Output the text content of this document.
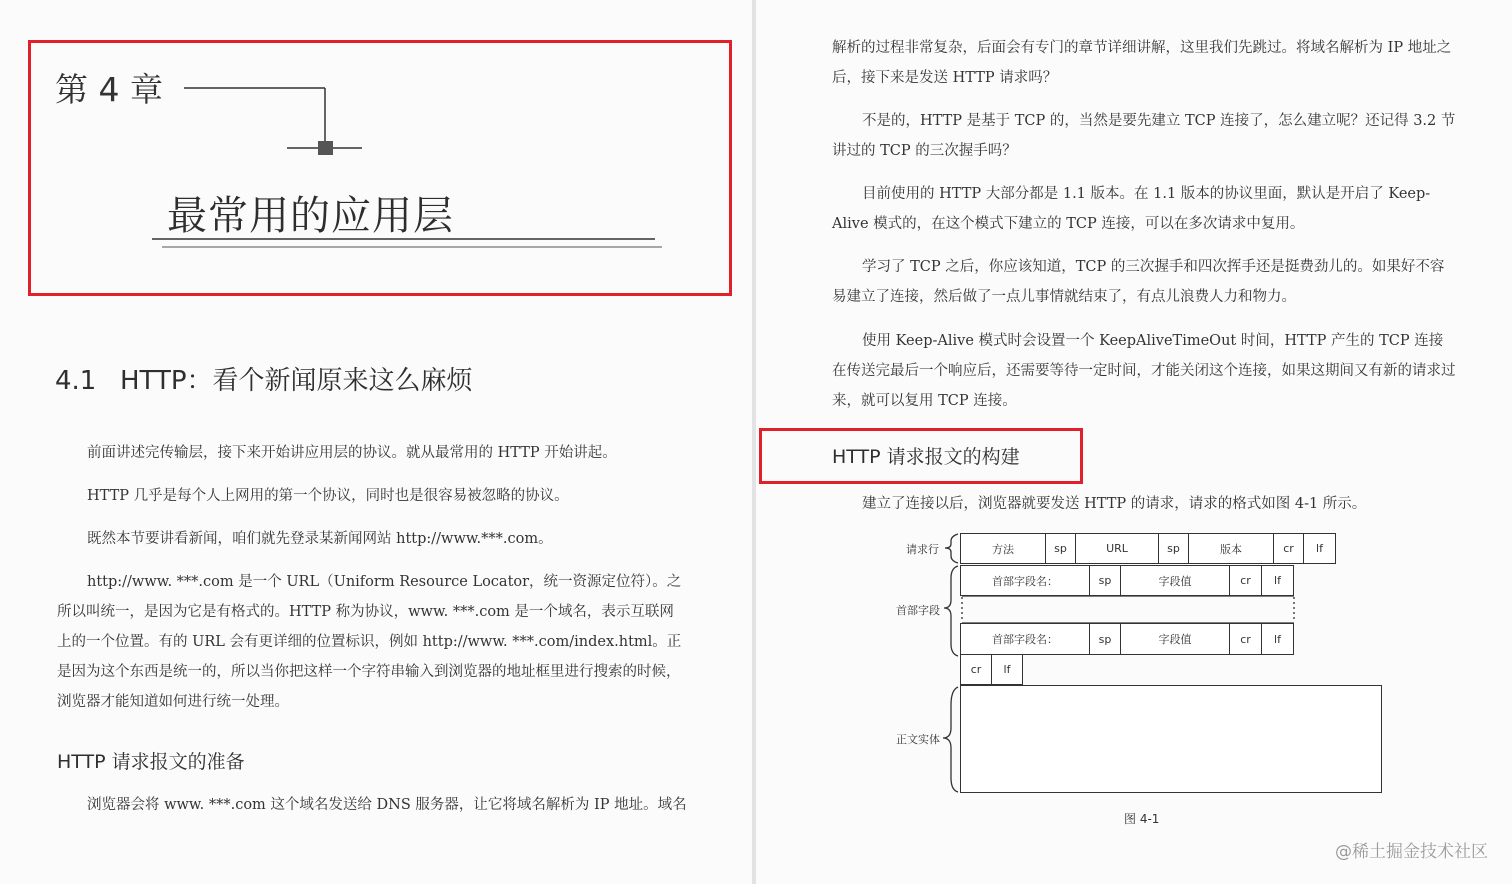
第 4 章
最常用的应用层
4.1 HTTP：看个新闻原来这么麻烦
前面讲述完传输层，接下来开始讲应用层的协议。就从最常用的 HTTP 开始讲起。
HTTP 几乎是每个人上网用的第一个协议，同时也是很容易被忽略的协议。
既然本节要讲看新闻，咱们就先登录某新闻网站 http://www.***.com。
http://www. ***.com 是一个 URL（Uniform Resource Locator，统一资源定位符）。之所以叫统一，是因为它是有格式的。HTTP 称为协议，www. ***.com 是一个域名，表示互联网上的一个位置。有的 URL 会有更详细的位置标识，例如 http://www. ***.com/index.html。正是因为这个东西是统一的，所以当你把这样一个字符串输入到浏览器的地址框里进行搜索的时候，浏览器才能知道如何进行统一处理。
HTTP 请求报文的准备
浏览器会将 www. ***.com 这个域名发送给 DNS 服务器，让它将域名解析为 IP 地址。域名
解析的过程非常复杂，后面会有专门的章节详细讲解，这里我们先跳过。将域名解析为 IP 地址之后，接下来是发送 HTTP 请求吗？
不是的，HTTP 是基于 TCP 的，当然是要先建立 TCP 连接了，怎么建立呢？还记得 3.2 节讲过的 TCP 的三次握手吗？
目前使用的 HTTP 大部分都是 1.1 版本。在 1.1 版本的协议里面，默认是开启了 Keep-Alive 模式的，在这个模式下建立的 TCP 连接，可以在多次请求中复用。
学习了 TCP 之后，你应该知道，TCP 的三次握手和四次挥手还是挺费劲儿的。如果好不容易建立了连接，然后做了一点儿事情就结束了，有点儿浪费人力和物力。
使用 Keep-Alive 模式时会设置一个 KeepAliveTimeOut 时间，HTTP 产生的 TCP 连接在传送完最后一个响应后，还需要等待一定时间，才能关闭这个连接，如果这期间又有新的请求过来，就可以复用 TCP 连接。
HTTP 请求报文的构建
建立了连接以后，浏览器就要发送 HTTP 的请求，请求的格式如图 4-1 所示。
请求行
首部字段
正文实体
方法	sp	URL	sp	版本	cr	lf
首部字段名：	sp	字段值	cr	lf
首部字段名：	sp	字段值	cr	lf
cr	lf
图 4-1
@稀土掘金技术社区
